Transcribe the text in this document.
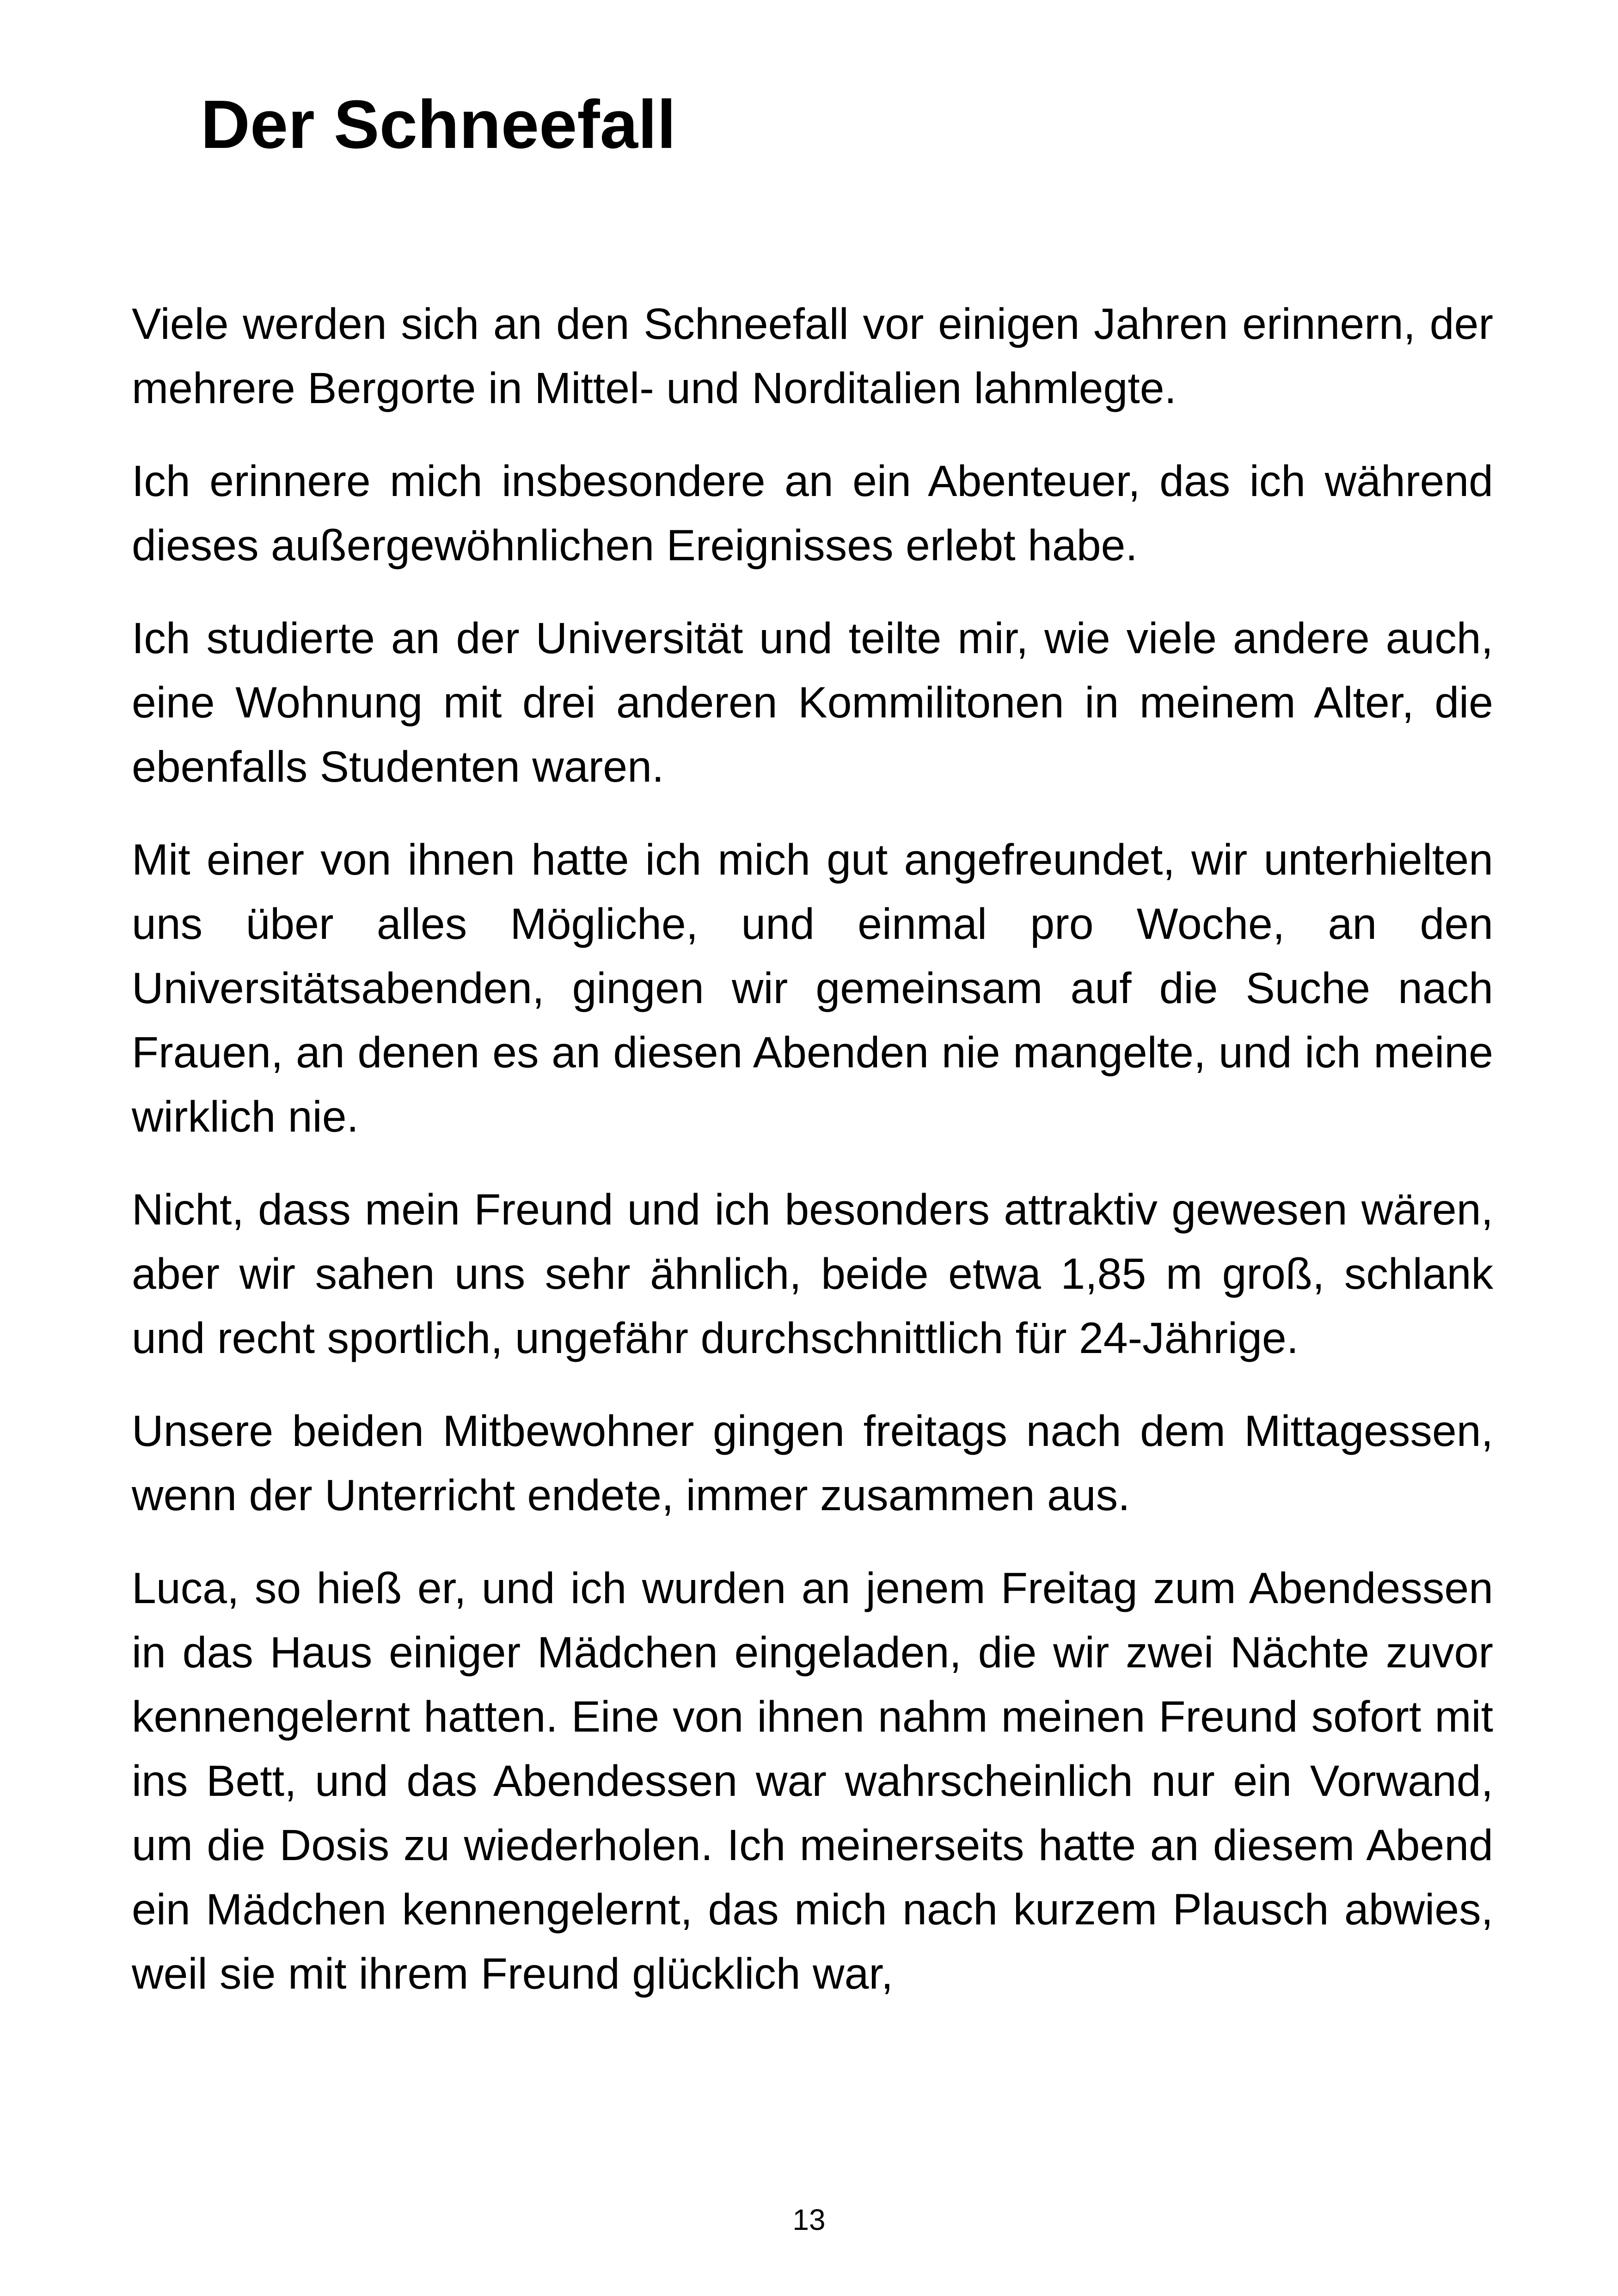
Der Schneefall

Viele werden sich an den Schneefall vor einigen Jahren erinnern, der mehrere Bergorte in Mittel- und Norditalien lahmlegte.

Ich erinnere mich insbesondere an ein Abenteuer, das ich während dieses außergewöhnlichen Ereignisses erlebt habe.

Ich studierte an der Universität und teilte mir, wie viele andere auch, eine Wohnung mit drei anderen Kommilitonen in meinem Alter, die ebenfalls Studenten waren.

Mit einer von ihnen hatte ich mich gut angefreundet, wir unterhielten uns über alles Mögliche, und einmal pro Woche, an den Universitätsabenden, gingen wir gemeinsam auf die Suche nach Frauen, an denen es an diesen Abenden nie mangelte, und ich meine wirklich nie.

Nicht, dass mein Freund und ich besonders attraktiv gewesen wären, aber wir sahen uns sehr ähnlich, beide etwa 1,85 m groß, schlank und recht sportlich, ungefähr durchschnittlich für 24-Jährige.

Unsere beiden Mitbewohner gingen freitags nach dem Mittagessen, wenn der Unterricht endete, immer zusammen aus.

Luca, so hieß er, und ich wurden an jenem Freitag zum Abendessen in das Haus einiger Mädchen eingeladen, die wir zwei Nächte zuvor kennengelernt hatten. Eine von ihnen nahm meinen Freund sofort mit ins Bett, und das Abendessen war wahrscheinlich nur ein Vorwand, um die Dosis zu wiederholen. Ich meinerseits hatte an diesem Abend ein Mädchen kennengelernt, das mich nach kurzem Plausch abwies, weil sie mit ihrem Freund glücklich war,

13
